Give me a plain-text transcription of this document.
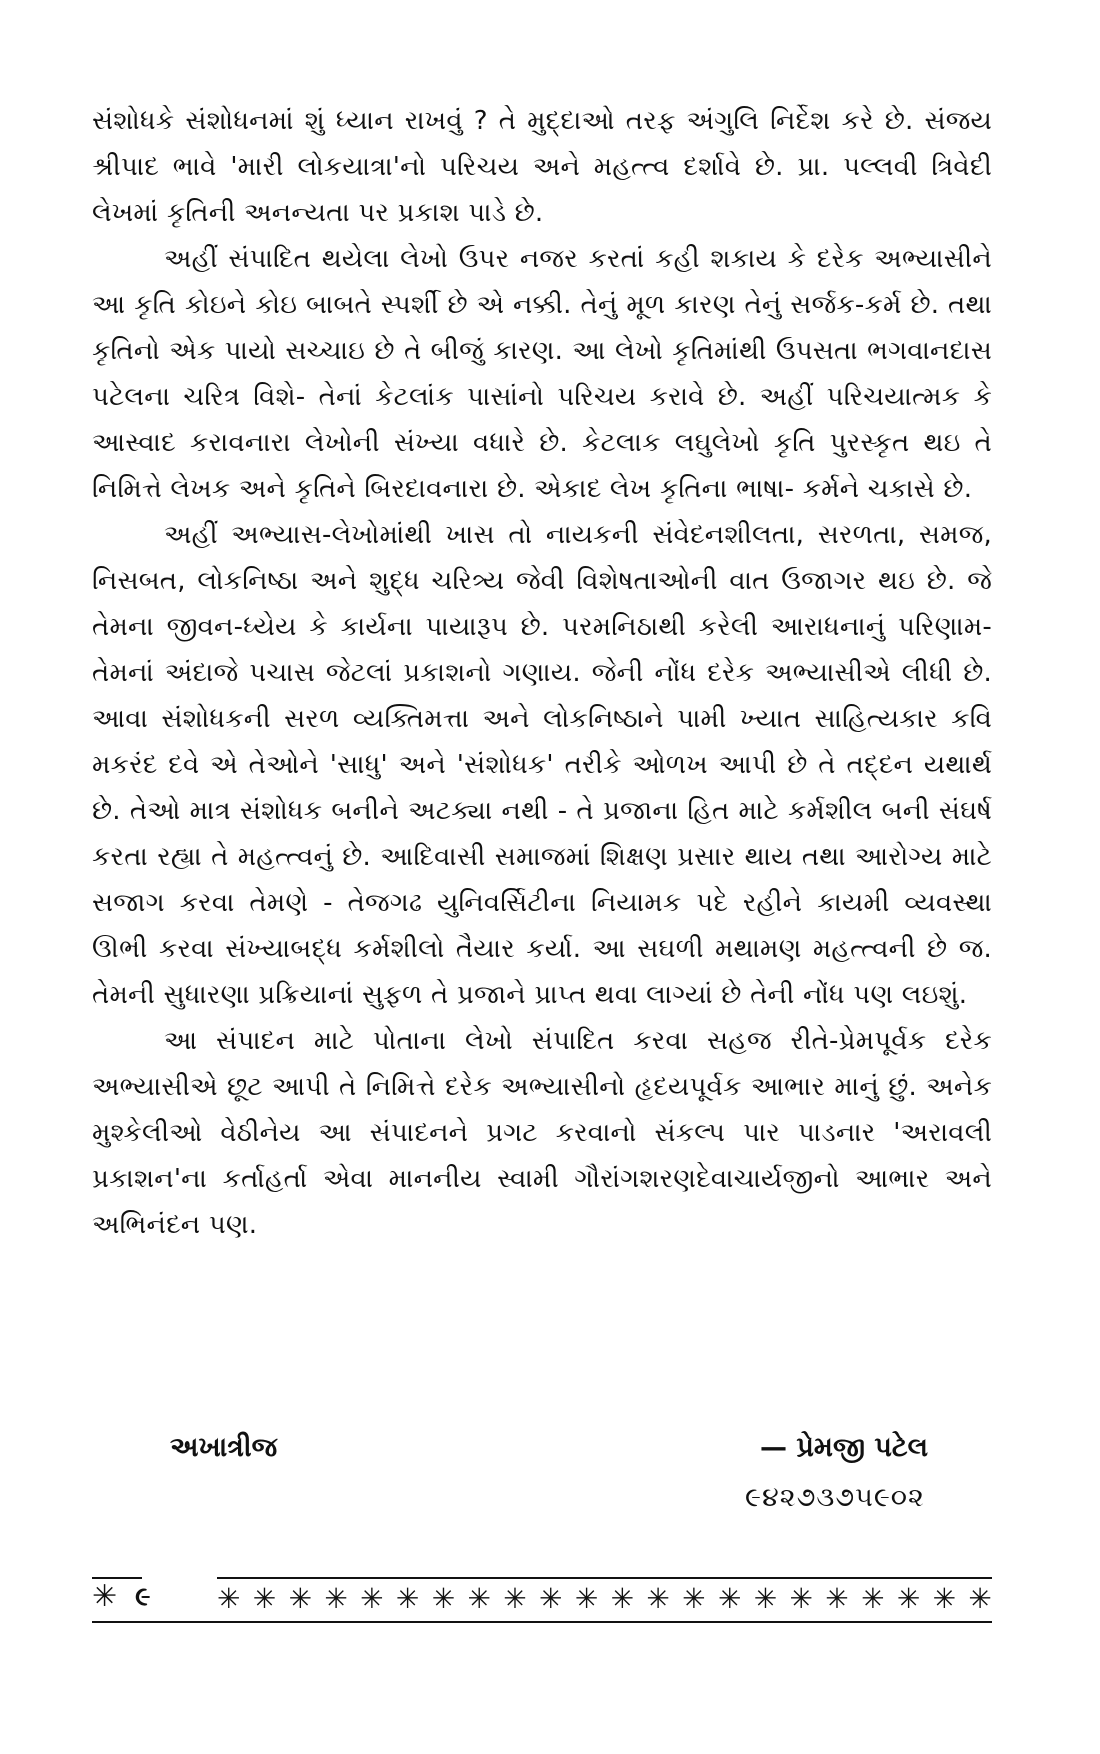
સંશોધકે સંશોધનમાં શું ધ્યાન રાખવું ? તે મુદ્દાઓ તરફ અંગુલિ નિર્દેશ કરે છે. સંજય શ્રીપાદ ભાવે 'મારી લોકયાત્રા'નો પરિચય અને મહત્ત્વ દર્શાવે છે. પ્રા. પલ્લવી ત્રિવેદી લેખમાં કૃતિની અનન્યતા પર પ્રકાશ પાડે છે.

અહીં સંપાદિત થયેલા લેખો ઉપર નજર કરતાં કહી શકાય કે દરેક અભ્યાસીને આ કૃતિ કોઇને કોઇ બાબતે સ્પર્શી છે એ નક્કી. તેનું મૂળ કારણ તેનું સર્જક-કર્મ છે. તથા કૃતિનો એક પાયો સચ્ચાઇ છે તે બીજું કારણ. આ લેખો કૃતિમાંથી ઉપસતા ભગવાનદાસ પટેલના ચરિત્ર વિશે- તેનાં કેટલાંક પાસાંનો પરિચય કરાવે છે. અહીં પરિચયાત્મક કે આસ્વાદ કરાવનારા લેખોની સંખ્યા વધારે છે. કેટલાક લઘુલેખો કૃતિ પુરસ્કૃત થઇ તે નિમિત્તે લેખક અને કૃતિને બિરદાવનારા છે. એકાદ લેખ કૃતિના ભાષા- કર્મને ચકાસે છે.

અહીં અભ્યાસ-લેખોમાંથી ખાસ તો નાયકની સંવેદનશીલતા, સરળતા, સમજ, નિસબત, લોકનિષ્ઠા અને શુદ્ધ ચરિત્ર્ય જેવી વિશેષતાઓની વાત ઉજાગર થઇ છે. જે તેમના જીવન-ધ્યેય કે કાર્યના પાયારૂપ છે. પરમનિઠાથી કરેલી આરાધનાનું પરિણામ-તેમનાં અંદાજે પચાસ જેટલાં પ્રકાશનો ગણાય. જેની નોંધ દરેક અભ્યાસીએ લીધી છે. આવા સંશોધકની સરળ વ્યક્તિમત્તા અને લોકનિષ્ઠાને પામી ખ્યાત સાહિત્યકાર કવિ મકરંદ દવે એ તેઓને 'સાધુ' અને 'સંશોધક' તરીકે ઓળખ આપી છે તે તદ્દન યથાર્થ છે. તેઓ માત્ર સંશોધક બનીને અટક્યા નથી - તે પ્રજાના હિત માટે કર્મશીલ બની સંઘર્ષ કરતા રહ્યા તે મહત્ત્વનું છે. આદિવાસી સમાજમાં શિક્ષણ પ્રસાર થાય તથા આરોગ્ય માટે સજાગ કરવા તેમણે - તેજગઢ યુનિવર્સિટીના નિયામક પદે રહીને કાયમી વ્યવસ્થા ઊભી કરવા સંખ્યાબદ્ધ કર્મશીલો તૈયાર કર્યા. આ સઘળી મથામણ મહત્ત્વની છે જ. તેમની સુધારણા પ્રક્રિયાનાં સુફળ તે પ્રજાને પ્રાપ્ત થવા લાગ્યાં છે તેની નોંધ પણ લઇશું.

આ સંપાદન માટે પોતાના લેખો સંપાદિત કરવા સહજ રીતે-પ્રેમપૂર્વક દરેક અભ્યાસીએ છૂટ આપી તે નિમિત્તે દરેક અભ્યાસીનો હૃદયપૂર્વક આભાર માનું છું. અનેક મુશ્કેલીઓ વેઠીનેય આ સંપાદનને પ્રગટ કરવાનો સંકલ્પ પાર પાડનાર 'અરાવલી પ્રકાશન'ના કર્તાહર્તા એવા માનનીય સ્વામી ગૌરાંગશરણદેવાચાર્યજીનો આભાર અને અભિનંદન પણ.

અખાત્રીજ	— પ્રેમજી પટેલ
૯૪૨૭૩૭૫૯૦૨
✳ ૯ ✳ ✳ ✳ ✳ ✳ ✳ ✳ ✳ ✳ ✳ ✳ ✳ ✳ ✳ ✳ ✳ ✳ ✳ ✳ ✳ ✳ ✳
